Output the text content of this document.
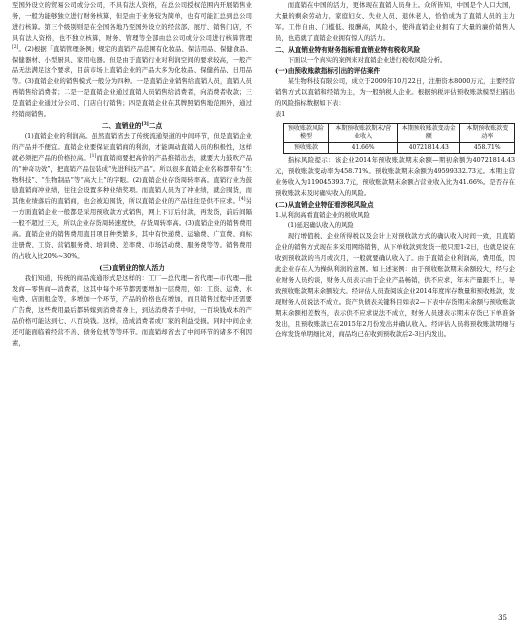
至国外设立的贸易公司或分公司，不具有法人资格，在总公司授权范围内开展销售业务，一般为能够独立进行财务核算，但是由于业务较为简单，也有可能汇总到总公司进行核算。第三个级别则是在全国各地乃至国外设立的经营部、展厅、销售门店，不具有法人资格，也不独立核算，财务、管理等全部由总公司或分公司进行核算管理[2]。(2)根据「直销管理条例」规定的直销产品范围有化妆品、保洁用品、保健食品、保健器材、小型厨具、家用电器。但是由于直销行业对利润空间的要求较高，一般产品无法满足这个要求，目前市场上直销企业的产品大多为化妆品、保健药品、日用品等。(3)直销企业的销售模式一般分为四种。一是直销企业销售给直销人员，直销人员再销售给消费者；二是一是直销企业通过直销人员销售给消费者，向消费者收款；三是直销企业通过分公司、门店自行销售；四是直销企业在其牌照销售地范围外，通过经销商销售。

二、直销业的[3]二点

(1)直销企业的利润高。虽然直销省去了传统流通渠道的中间环节，但是直销企业的产品并不便宜。直销企业要保证直销商的利润，才能调动直销人员的积极性，这样就必须把产品的价格拉高。[1]而直销商要把高价的产品推销出去，就要大力鼓吹产品的“神奇功效”，把直销产品包装成“先进科技产品”。所以很多直销企业名称都带有“生物科技”、“生物制品”等“高大上”的字眼。(2)直销企业存货周转率高。直销行业为鼓励直销商冲业绩，往往会设置多种业绩奖项。而直销人员为了冲业绩，就会囤货，而其他业绩落后的直销商，也会被迫囤货，所以直销企业的产品往往是供不应求。[4]另一方面直销企业一般都是采用预收款方式销售，网上下订后付款，再发货，前后间隔一般不超过三天，所以企业存货周转速度快，存货周转率高。(3)直销企业的销售费用高。直销企业的销售费用直目项目种类繁多，其中有快递费、运输费、广宣费、商标注册费、工资、营销服务费、培训费、差率费、市场活动费、服务费等等。销售费用的占收入比20%~30%。

(三)直销业的惊人活力

我们知道，传统的商品流通形式是这样的：工厂—总代理—省代理—市代理—批发商—零售商—消费者，这其中每个环节都需要增加一层费用，如：工资、运费、水电费、店面租金等，多增加一个环节，产品的价格也在增加，而且销售过程中还需要广告费，这些费用最后都转嫁到消费者身上，到达消费者手中时，一百块钱成本的产品价格可能达到七、八百块钱。这样，造成消费者或厂家的利益受损。同时中间企业还可能面临着经营不善、债务危机等等环节。而直销却省去了中间环节的诸多不利因素，

而直销在中国的活力，更体现在直销人员身上。众所皆知，中国是个人口大国，大量的剩余劳动力、家庭妇女、失业人员、退休老人，恰恰成为了直销人员的主力军。工作自由、门槛低、报酬高，风险小，使得直销企业拥有了大量的廉价销售人员，也造就了直销企业拥有惊人的活力。

二、从直销业特有财务指标看直销业特有税收风险

下面以一个真实的案例来对直销企业进行税收风险分析。

(一)由预收账款指标引出的评估案件

某生物科技有限公司，成立于2009年10月22日，注册资本8000万元，主要经营销售方式以直销和经销为主，为一般纳税人企业。根据纳税评估预收账款模型扫描出的风险指标数据如下表：

表1
预收账款风险模型	本期预收账款期末/营业收入	本期预收账款变动金额	本期预收账款变动率
预收账款	41.66%	40721814.43	458.71%

指标风险提示：该企业2014年预收账款期末余额—期初余额为40721814.43元，预收账款变动率为458.71%。预收账款期末余额为49599332.73元。本期主营业务收入为119045393.7元，预收账款期末余额占营业收入比为41.66%。是否存在预收账款未及时确实收入的风险。

(二)从直销企业特征看涉税风险点

1.从利润高看直销企业的税收风险

(1)延迟确认收入的风险

现行增值税、企业所得税以及会计上对预收款方式的确认收入时间一致，且直销企业的销售方式现在多采用网络销售，从下单收款到发货一般只需1-2日，也就是说在收到预收款的当月或次月，一般就要确认收入了。由于直销企业利润高，费用低，因此企业存在人为操纵利润的意图。如上述案例：由于预收账款期末余额较大，经与企业财务人员约谈，财务人员表示由于企业产品畅销，供不应求，年末产量跟不上，导致预收账款期末余额较大。经评估人员查阅该企业2014年度库存数量和预收账款，发现财务人员说法不成立。资产负债表关键科目如表2—下表中存货期末余额与预收账款期末余额相差数当，表示供不应求说法不成立，财务人员速表示期末存货已下单准备发出，且预收账款已在2015年2月份发出并确认收入。经评估人员将预收账款明细与仓库发货单明细比对，商品均已在收到预收款后2-3日内发出。

35
